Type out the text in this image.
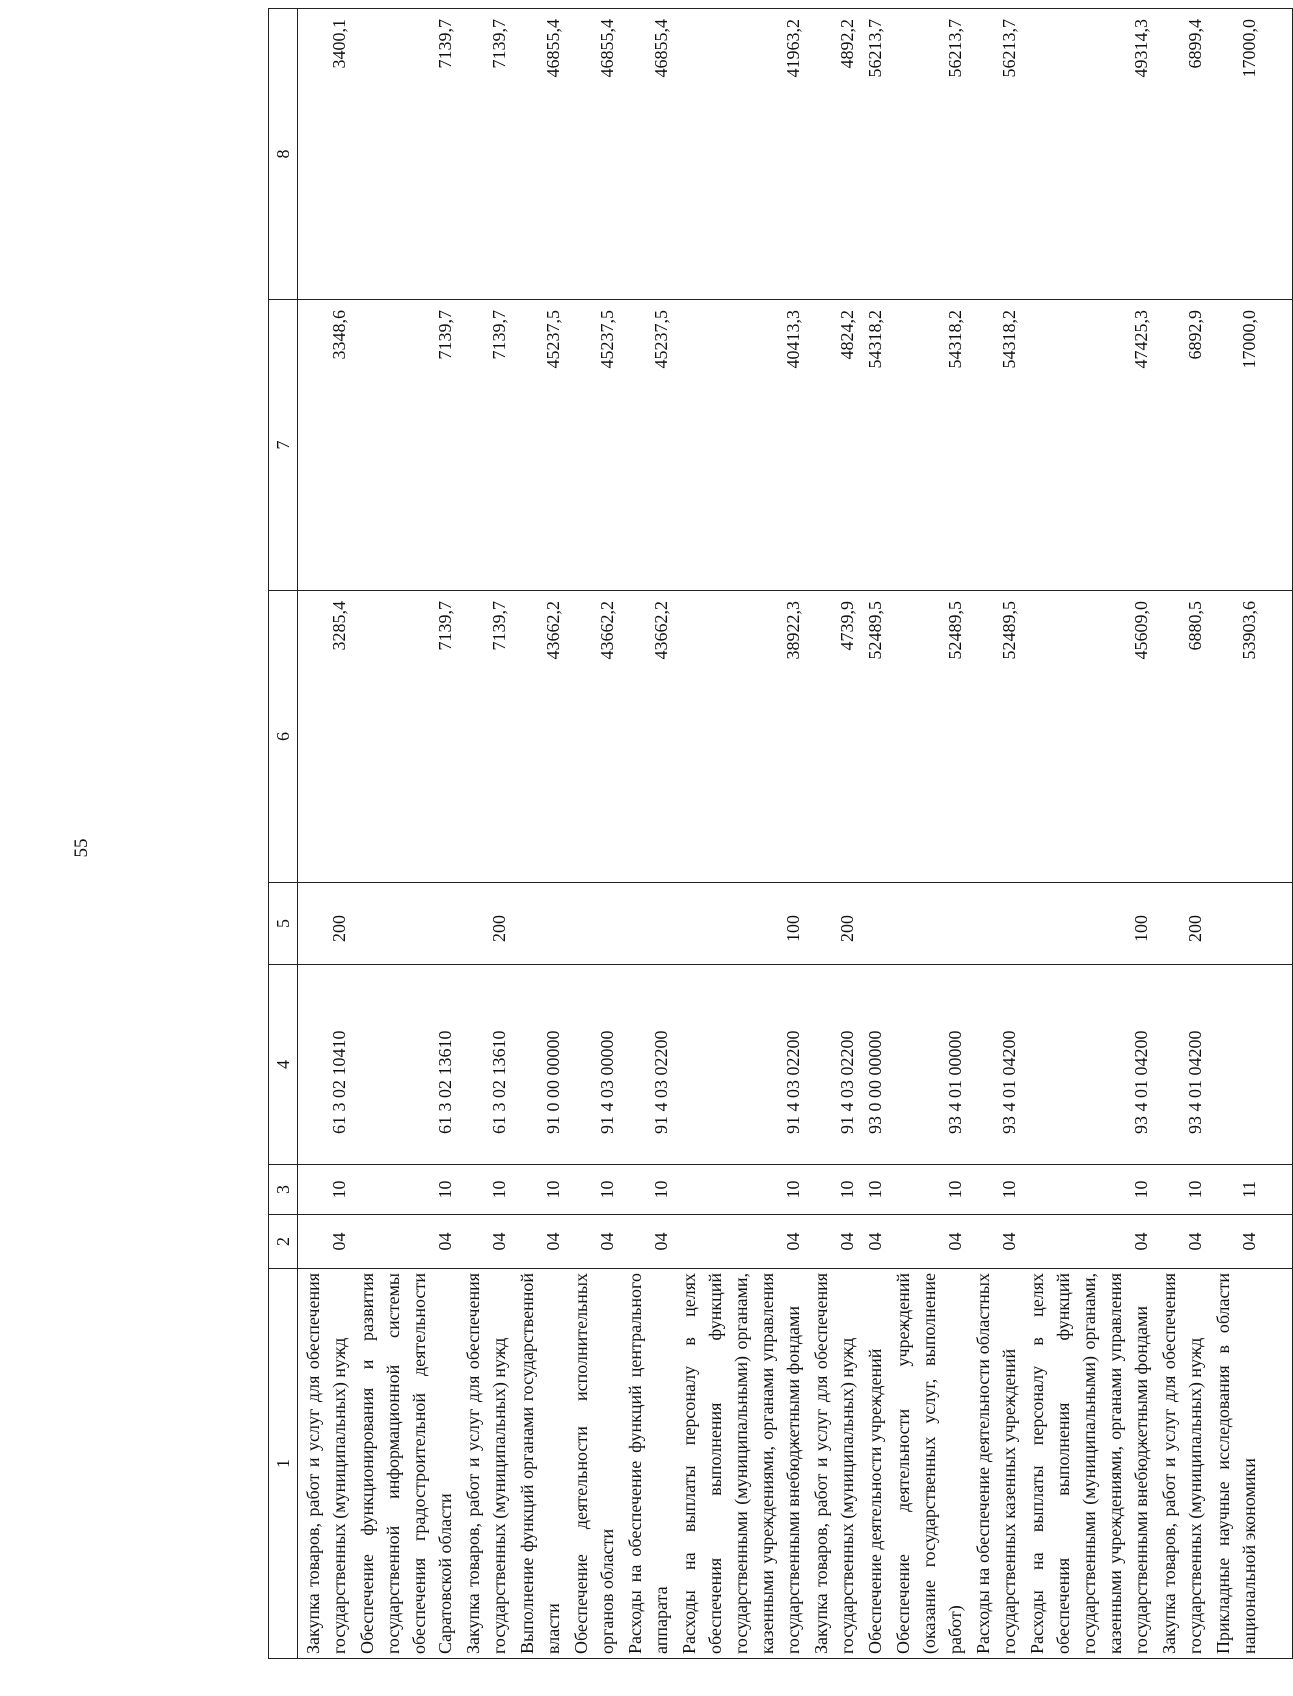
55
1	2	3	4	5	6	7	8
Закупка товаров, работ и услуг для обеспечения государственных (муниципальных) нужд	04	10	61 3 02 10410	200	3285,4	3348,6	3400,1
Обеспечение функционирования и развития государственной информационной системы обеспечения градостроительной деятельности Саратовской области	04	10	61 3 02 13610		7139,7	7139,7	7139,7
Закупка товаров, работ и услуг для обеспечения государственных (муниципальных) нужд	04	10	61 3 02 13610	200	7139,7	7139,7	7139,7
Выполнение функций органами государственной власти	04	10	91 0 00 00000		43662,2	45237,5	46855,4
Обеспечение деятельности исполнительных органов области	04	10	91 4 03 00000		43662,2	45237,5	46855,4
Расходы на обеспечение функций центрального аппарата	04	10	91 4 03 02200		43662,2	45237,5	46855,4
Расходы на выплаты персоналу в целях обеспечения выполнения функций государственными (муниципальными) органами, казенными учреждениями, органами управления государственными внебюджетными фондами	04	10	91 4 03 02200	100	38922,3	40413,3	41963,2
Закупка товаров, работ и услуг для обеспечения государственных (муниципальных) нужд	04	10	91 4 03 02200	200	4739,9	4824,2	4892,2
Обеспечение деятельности учреждений	04	10	93 0 00 00000		52489,5	54318,2	56213,7
Обеспечение деятельности учреждений (оказание государственных услуг, выполнение работ)	04	10	93 4 01 00000		52489,5	54318,2	56213,7
Расходы на обеспечение деятельности областных государственных казенных учреждений	04	10	93 4 01 04200		52489,5	54318,2	56213,7
Расходы на выплаты персоналу в целях обеспечения выполнения функций государственными (муниципальными) органами, казенными учреждениями, органами управления государственными внебюджетными фондами	04	10	93 4 01 04200	100	45609,0	47425,3	49314,3
Закупка товаров, работ и услуг для обеспечения государственных (муниципальных) нужд	04	10	93 4 01 04200	200	6880,5	6892,9	6899,4
Прикладные научные исследования в области национальной экономики	04	11			53903,6	17000,0	17000,0
